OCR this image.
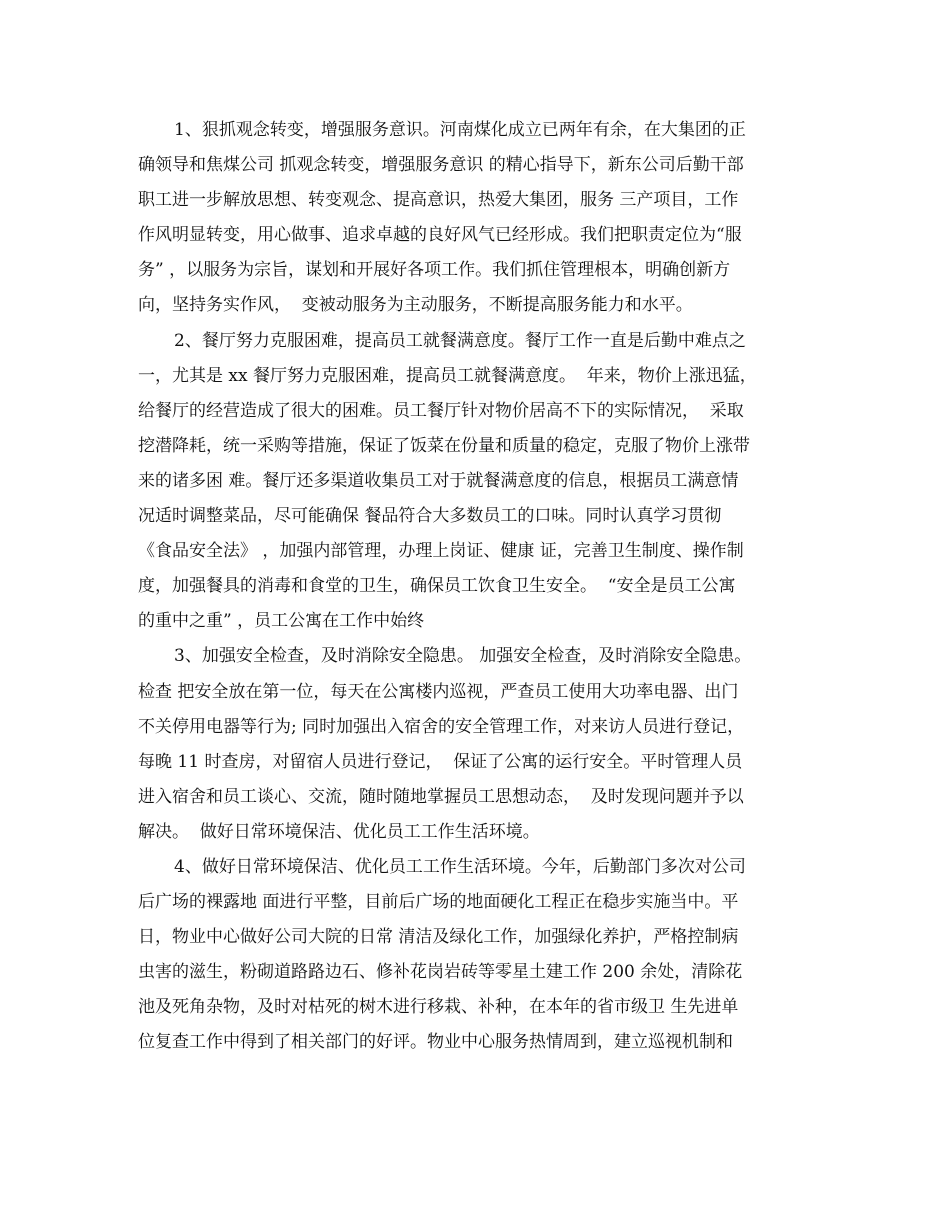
1、狠抓观念转变，增强服务意识。河南煤化成立已两年有余，在大集团的正
确领导和焦煤公司 抓观念转变，增强服务意识 的精心指导下，新东公司后勤干部
职工进一步解放思想、转变观念、提高意识，热爱大集团，服务 三产项目，工作
作风明显转变，用心做事、追求卓越的良好风气已经形成。我们把职责定位为“服
务” ，以服务为宗旨，谋划和开展好各项工作。我们抓住管理根本，明确创新方
向，坚持务实作风，  变被动服务为主动服务，不断提高服务能力和水平。
2、餐厅努力克服困难，提高员工就餐满意度。餐厅工作一直是后勤中难点之
一，尤其是 xx 餐厅努力克服困难，提高员工就餐满意度。  年来，物价上涨迅猛，
给餐厅的经营造成了很大的困难。员工餐厅针对物价居高不下的实际情况，  采取
挖潜降耗，统一采购等措施，保证了饭菜在份量和质量的稳定，克服了物价上涨带
来的诸多困 难。餐厅还多渠道收集员工对于就餐满意度的信息，根据员工满意情
况适时调整菜品，尽可能确保 餐品符合大多数员工的口味。同时认真学习贯彻
《食品安全法》 ，加强内部管理，办理上岗证、健康 证，完善卫生制度、操作制
度，加强餐具的消毒和食堂的卫生，确保员工饮食卫生安全。  “安全是员工公寓
的重中之重” ，员工公寓在工作中始终
3、加强安全检查，及时消除安全隐患。 加强安全检查，及时消除安全隐患。
检查 把安全放在第一位，每天在公寓楼内巡视，严查员工使用大功率电器、出门
不关停用电器等行为; 同时加强出入宿舍的安全管理工作，对来访人员进行登记，
每晚 11 时查房，对留宿人员进行登记，  保证了公寓的运行安全。平时管理人员
进入宿舍和员工谈心、交流，随时随地掌握员工思想动态，  及时发现问题并予以
解决。  做好日常环境保洁、优化员工工作生活环境。
4、做好日常环境保洁、优化员工工作生活环境。今年，后勤部门多次对公司
后广场的裸露地 面进行平整，目前后广场的地面硬化工程正在稳步实施当中。平
日，物业中心做好公司大院的日常 清洁及绿化工作，加强绿化养护，严格控制病
虫害的滋生，粉砌道路路边石、修补花岗岩砖等零星土建工作 200 余处，清除花
池及死角杂物，及时对枯死的树木进行移栽、补种，在本年的省市级卫 生先进单
位复查工作中得到了相关部门的好评。物业中心服务热情周到，建立巡视机制和
